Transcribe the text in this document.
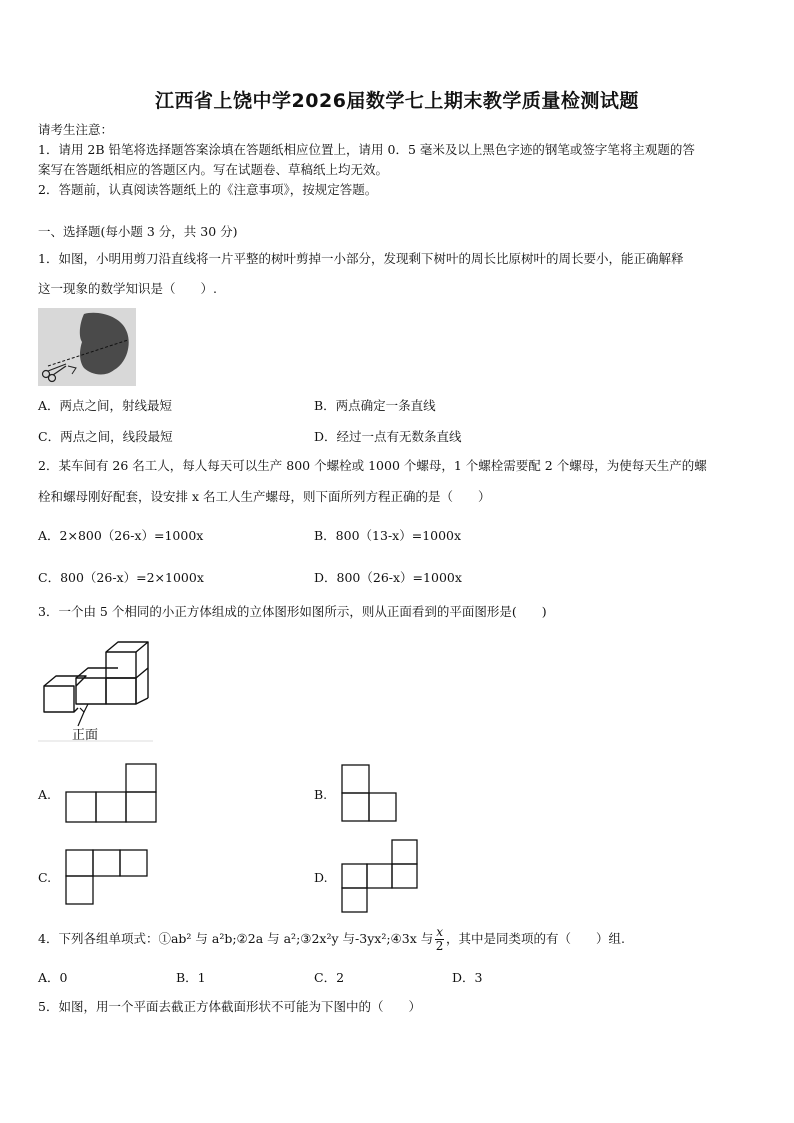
江西省上饶中学2026届数学七上期末教学质量检测试题
请考生注意：
1．请用 2B 铅笔将选择题答案涂填在答题纸相应位置上，请用 0．5 毫米及以上黑色字迹的钢笔或签字笔将主观题的答
案写在答题纸相应的答题区内。写在试题卷、草稿纸上均无效。
2．答题前，认真阅读答题纸上的《注意事项》，按规定答题。
一、选择题(每小题 3 分，共 30 分)
1．如图，小明用剪刀沿直线将一片平整的树叶剪掉一小部分，发现剩下树叶的周长比原树叶的周长要小，能正确解释
这一现象的数学知识是（　　）.
A．两点之间，射线最短	B．两点确定一条直线
C．两点之间，线段最短	D．经过一点有无数条直线
2．某车间有 26 名工人，每人每天可以生产 800 个螺栓或 1000 个螺母，1 个螺栓需要配 2 个螺母，为使每天生产的螺
栓和螺母刚好配套，设安排 x 名工人生产螺母，则下面所列方程正确的是（　　）
A．2×800（26-x）=1000x	B．800（13-x）=1000x
C．800（26-x）=2×1000x	D．800（26-x）=1000x
3．一个由 5 个相同的小正方体组成的立体图形如图所示，则从正面看到的平面图形是(　　)
正面
A.	B.
C.	D.
4．下列各组单项式：①ab² 与 a²b;②2a 与 a²;③2x²y 与-3yx²;④3x 与 $\frac{x}{2}$ ，其中是同类项的有（　　）组.
A．0	B．1	C．2	D．3
5．如图，用一个平面去截正方体截面形状不可能为下图中的（　　）
